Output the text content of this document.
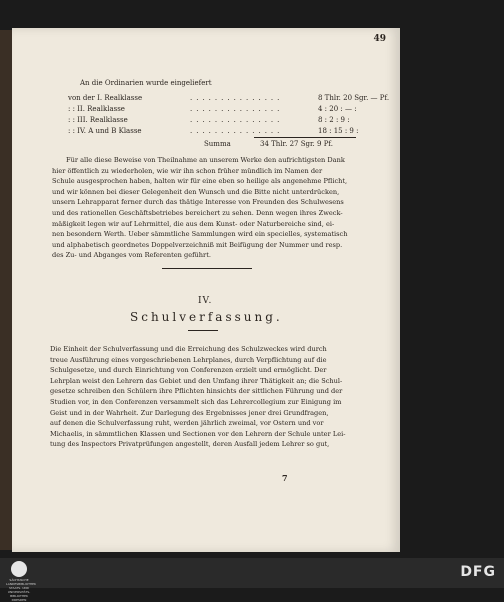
49
An die Ordinarien wurde eingeliefert
von der I. Realklasse	...............	8 Thlr. 20 Sgr. — Pf.
: : II. Realklasse	...............	4 : 20 : — :
: : III. Realklasse	...............	8 : 2 : 9 :
: : IV. A und B Klasse	...............	18 : 15 : 9 :
Summa	34 Thlr. 27 Sgr. 9 Pf.
Für alle diese Beweise von Theilnahme an unserem Werke den aufrichtigsten Dank
hier öffentlich zu wiederholen, wie wir ihn schon früher mündlich im Namen der
Schule ausgesprochen haben, halten wir für eine eben so heilige als angenehme Pflicht,
und wir können bei dieser Gelegenheit den Wunsch und die Bitte nicht unterdrücken,
unsern Lehrapparat ferner durch das thätige Interesse von Freunden des Schulwesens
und des rationellen Geschäftsbetriebes bereichert zu sehen. Denn wegen ihres Zweck-
mäßigkeit legen wir auf Lehrmittel, die aus dem Kunst- oder Naturbereiche sind, ei-
nen besondern Werth. Ueber sämmtliche Sammlungen wird ein specielles, systematisch
und alphabetisch geordnetes Doppelverzeichniß mit Beifügung der Nummer und resp.
des Zu- und Abganges vom Referenten geführt.
IV.
Schulverfassung.
Die Einheit der Schulverfassung und die Erreichung des Schulzweckes wird durch
treue Ausführung eines vorgeschriebenen Lehrplanes, durch Verpflichtung auf die
Schulgesetze, und durch Einrichtung von Conferenzen erzielt und ermöglicht. Der
Lehrplan weist den Lehrern das Gebiet und den Umfang ihrer Thätigkeit an; die Schul-
gesetze schreiben den Schülern ihre Pflichten hinsichts der sittlichen Führung und der
Studien vor, in den Conferenzen versammelt sich das Lehrercollegium zur Einigung im
Geist und in der Wahrheit. Zur Darlegung des Ergebnisses jener drei Grundfragen,
auf denen die Schulverfassung ruht, werden jährlich zweimal, vor Ostern und vor
Michaelis, in sämmtlichen Klassen und Sectionen vor den Lehrern der Schule unter Lei-
tung des Inspectors Privatprüfungen angestellt, deren Ausfall jedem Lehrer so gut,
7
SÄCHSISCHE LANDESBIBLIOTHEK STAATS- UND UNIVERSITÄTS- BIBLIOTHEK DRESDEN
DFG
